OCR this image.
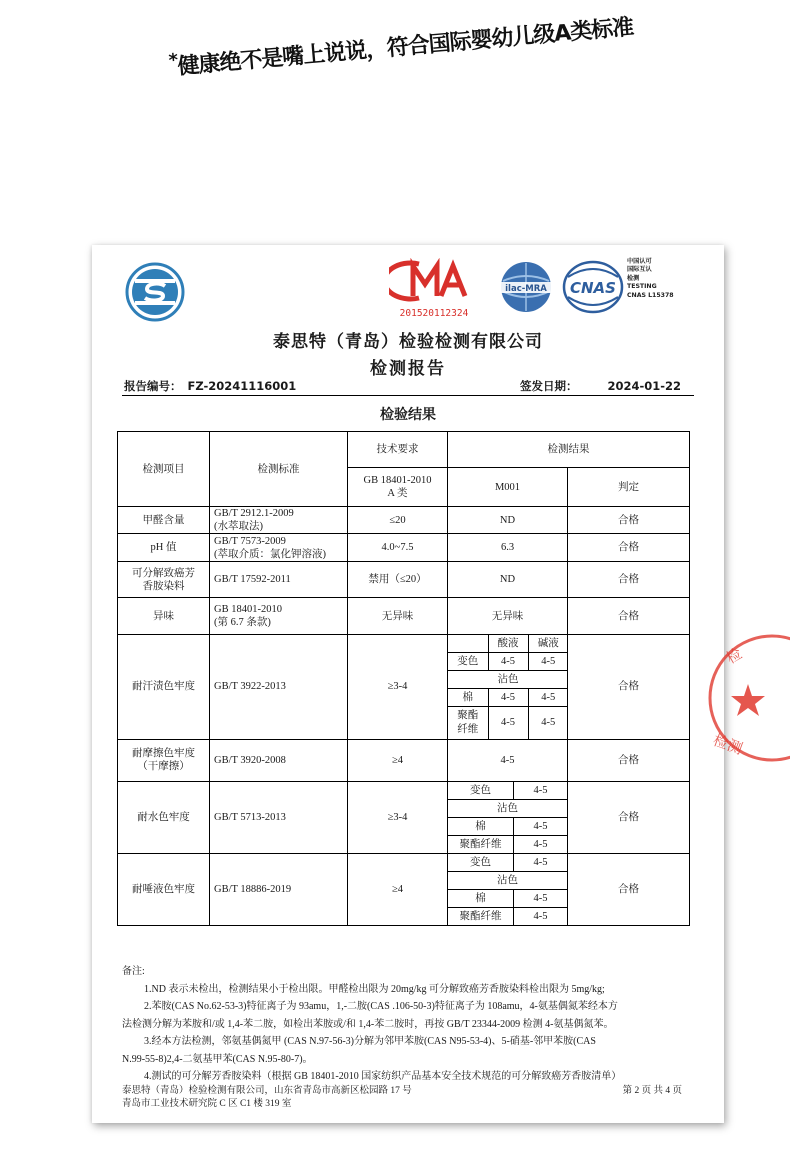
*健康绝不是嘴上说说，符合国际婴幼儿级A类标准
201520112324
ilac-MRA CNAS
中国认可
国际互认
检测
TESTING
CNAS L15378
泰思特（青岛）检验检测有限公司
检测报告
报告编号： FZ-20241116001	签发日期：	2024-01-22
检验结果
检测项目	检测标准	技术要求	检测结果
GB 18401-2010
A 类	M001	判定
甲醛含量	GB/T 2912.1-2009
(水萃取法)	≤20	ND	合格
pH 值	GB/T 7573-2009
(萃取介质：氯化钾溶液)	4.0~7.5	6.3	合格
可分解致癌芳
香胺染料	GB/T 17592-2011	禁用（≤20）	ND	合格
异味	GB 18401-2010
(第 6.7 条款)	无异味	无异味	合格
耐汗渍色牢度	GB/T 3922-2013	≥3-4	
	酸液	碱液
变色	4-5	4-5
沾色
棉	4-5	4-5
聚酯
纤维	4-5	4-5
	合格
耐摩擦色牢度
（干摩擦）	GB/T 3920-2008	≥4	4-5	合格
耐水色牢度	GB/T 5713-2013	≥3-4	
变色	4-5
沾色
棉	4-5
聚酯纤维	4-5
	合格
耐唾液色牢度	GB/T 18886-2019	≥4	
变色	4-5
沾色
棉	4-5
聚酯纤维	4-5
	合格
备注:
1.ND 表示未检出，检测结果小于检出限。甲醛检出限为 20mg/kg 可分解致癌芳香胺染料检出限为 5mg/kg;
2.苯胺(CAS No.62-53-3)特征离子为 93amu，1,-二胺(CAS .106-50-3)特征离子为 108amu，4-氨基偶氮苯经本方
法检测分解为苯胺和/或 1,4-苯二胺，如检出苯胺或/和 1,4-苯二胺时，再按 GB/T 23344-2009 检测 4-氨基偶氮苯。
3.经本方法检测，邻氨基偶氮甲 (CAS N.97-56-3)分解为邻甲苯胺(CAS N95-53-4)、5-硝基-邻甲苯胺(CAS
N.99-55-8)2,4-二氨基甲苯(CAS N.95-80-7)。
4.测试的可分解芳香胺染料（根据 GB 18401-2010 国家纺织产品基本安全技术规范的可分解致癌芳香胺清单）
泰思特（青岛）检验检测有限公司，山东省青岛市高新区松园路 17 号
青岛市工业技术研究院 C 区 C1 楼 319 室
第 2 页 共 4 页
检
检测
